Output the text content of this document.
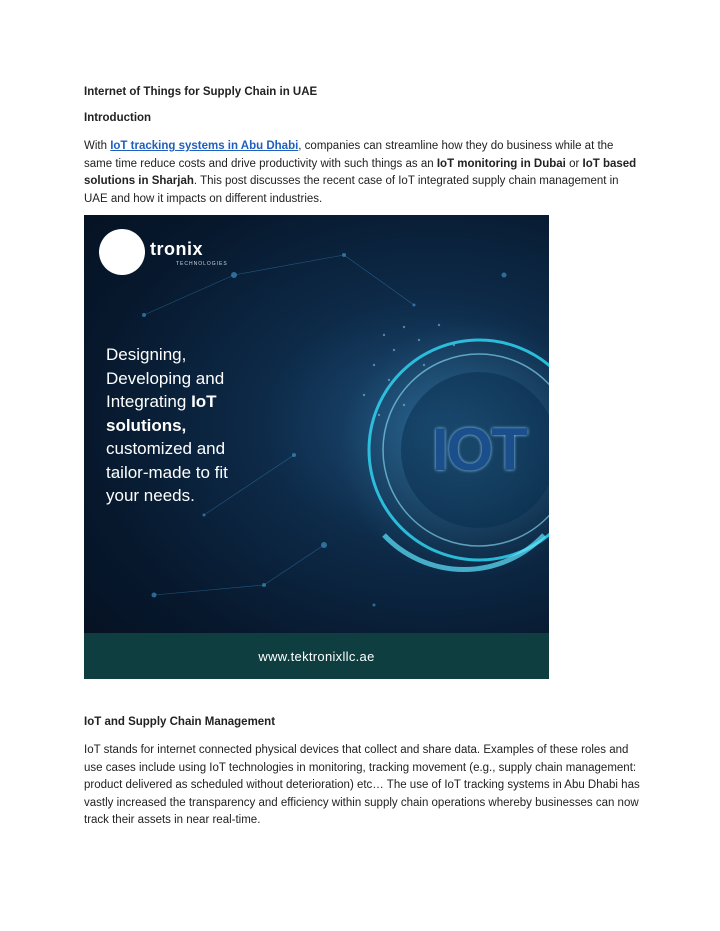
Internet of Things for Supply Chain in UAE

Introduction

With IoT tracking systems in Abu Dhabi, companies can streamline how they do business while at the same time reduce costs and drive productivity with such things as an IoT monitoring in Dubai or IoT based solutions in Sharjah. This post discusses the recent case of IoT integrated supply chain management in UAE and how it impacts on different industries.

tronix
TECHNOLOGIES
Designing,
Developing and
Integrating IoT
solutions,
customized and
tailor-made to fit
your needs.
IOT
www.tektronixllc.ae

IoT and Supply Chain Management

IoT stands for internet connected physical devices that collect and share data. Examples of these roles and use cases include using IoT technologies in monitoring, tracking movement (e.g., supply chain management: product delivered as scheduled without deterioration) etc… The use of IoT tracking systems in Abu Dhabi has vastly increased the transparency and efficiency within supply chain operations whereby businesses can now track their assets in near real-time.
